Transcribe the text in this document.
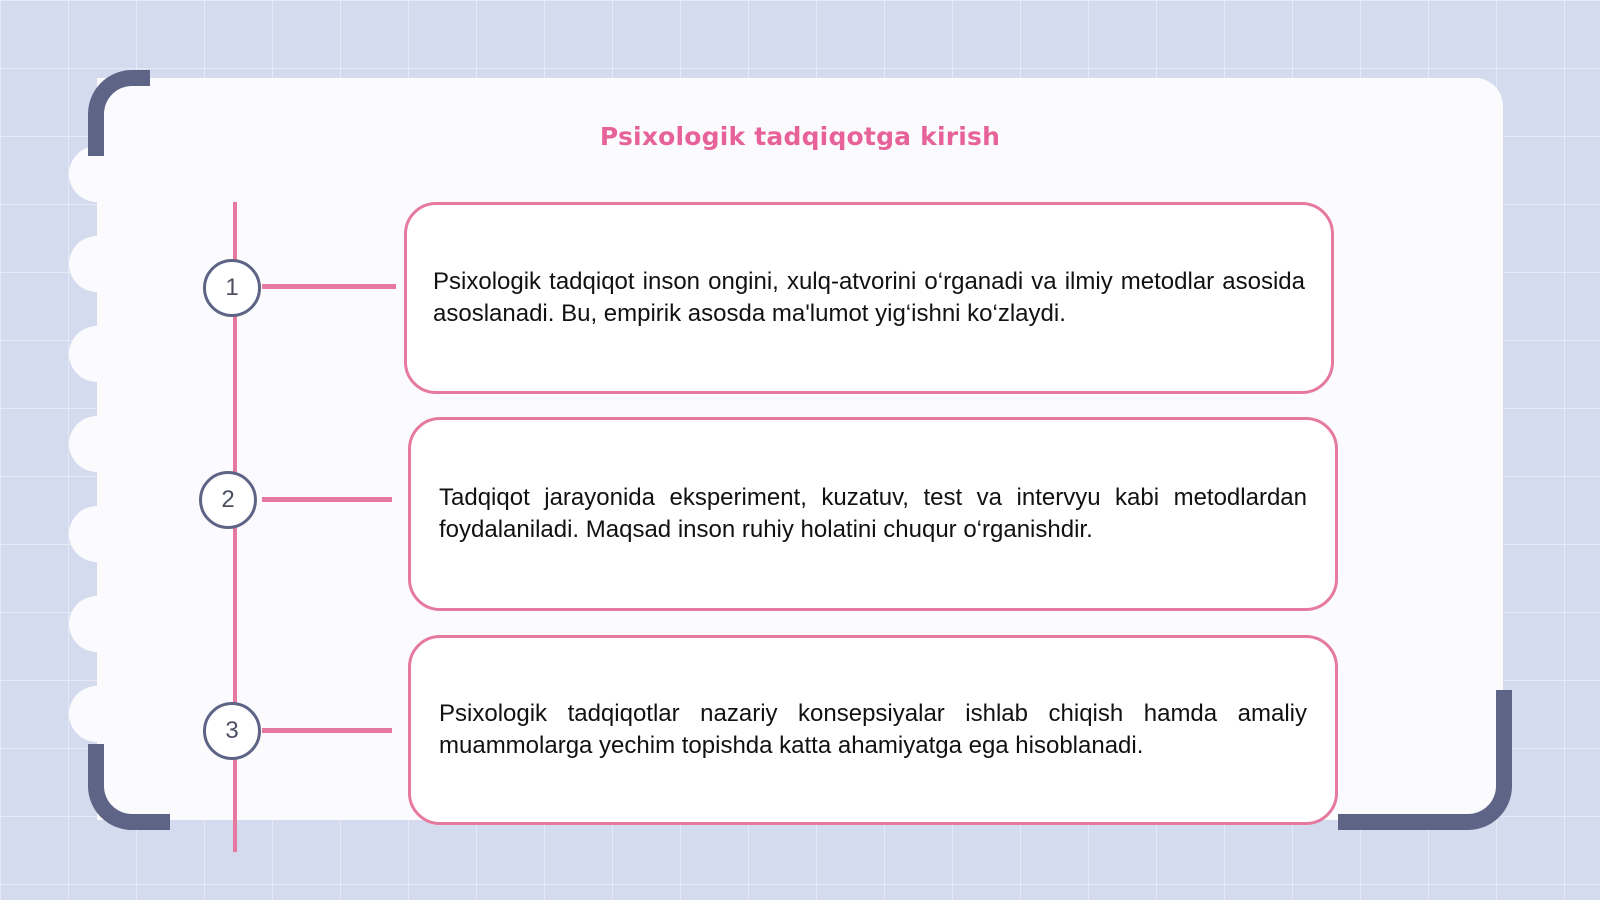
Psixologik tadqiqotga kirish
1
2
3

Psixologik tadqiqot inson ongini, xulq-atvorini o‘rganadi va ilmiy metodlar asosida asoslanadi. Bu, empirik asosda ma'lumot yig‘ishni ko‘zlaydi.

Tadqiqot jarayonida eksperiment, kuzatuv, test va intervyu kabi metodlardan foydalaniladi. Maqsad inson ruhiy holatini chuqur o‘rganishdir.

Psixologik tadqiqotlar nazariy konsepsiyalar ishlab chiqish hamda amaliy muammolarga yechim topishda katta ahamiyatga ega hisoblanadi.
